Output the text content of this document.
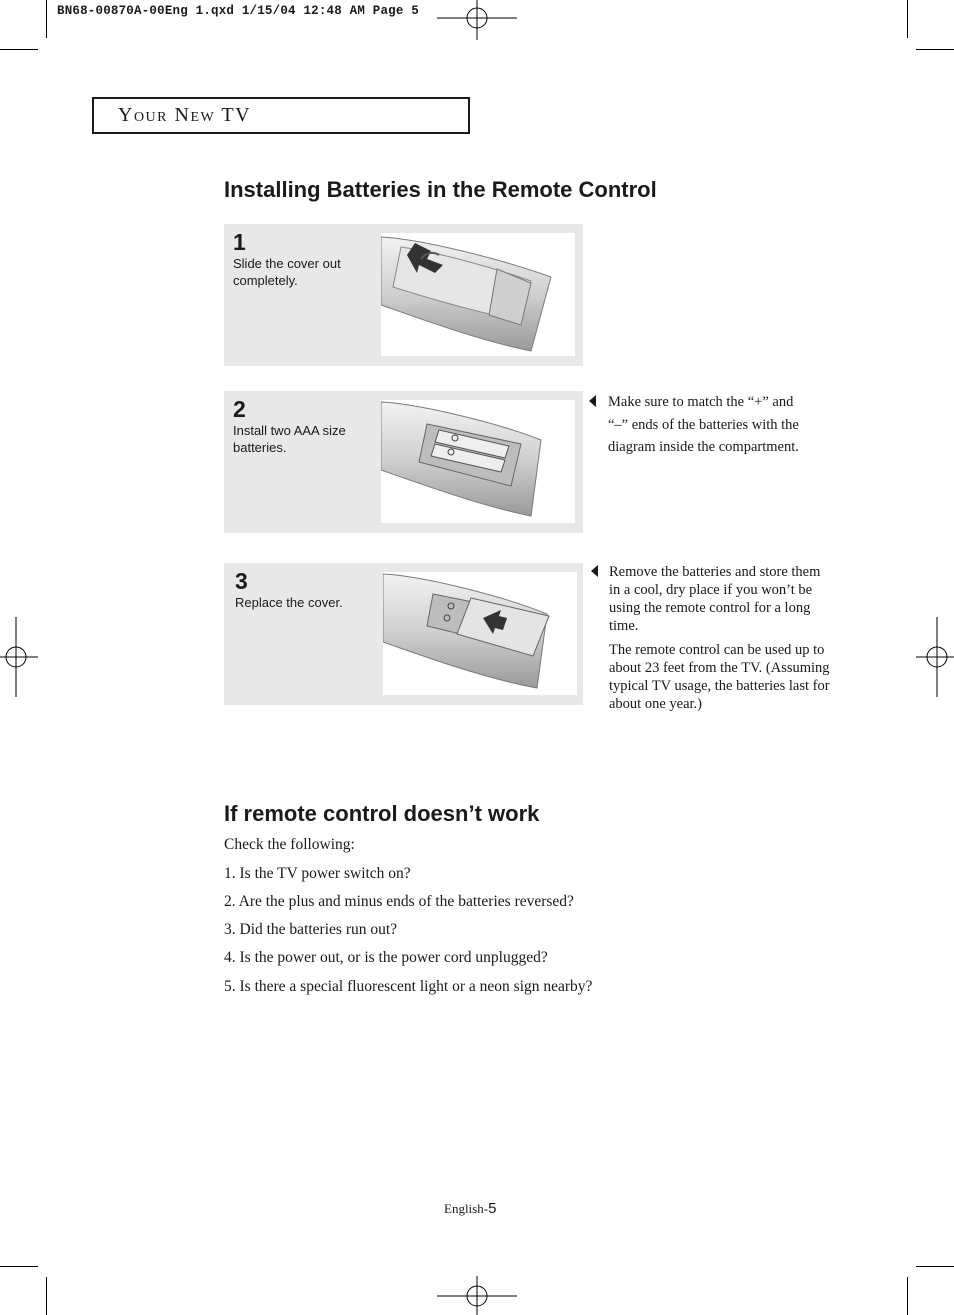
BN68-00870A-00Eng 1.qxd 1/15/04 12:48 AM Page 5
Your New TV
Installing Batteries in the Remote Control
1
Slide the cover out completely.
2
Install two AAA size batteries.
3
Replace the cover.

Make sure to match the “+” and

“–” ends of the batteries with the

diagram inside the compartment.

Remove the batteries and store them in a cool, dry place if you won’t be using the remote control for a long time.

The remote control can be used up to about 23 feet from the TV. (Assuming typical TV usage, the batteries last for about one year.)

If remote control doesn’t work
Check the following:
1. Is the TV power switch on?
2. Are the plus and minus ends of the batteries reversed?
3. Did the batteries run out?
4. Is the power out, or is the power cord unplugged?
5. Is there a special fluorescent light or a neon sign nearby?
English-5
